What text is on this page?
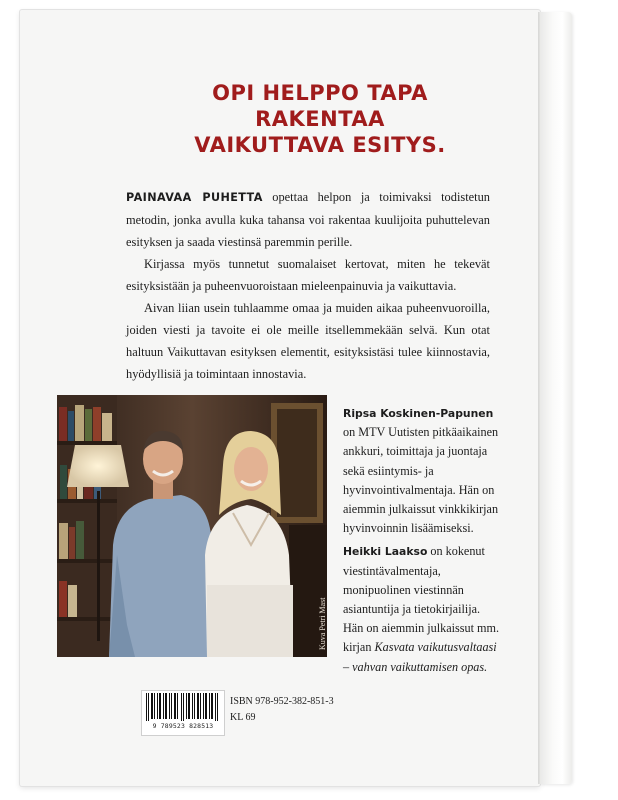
OPI HELPPO TAPA
RAKENTAA
VAIKUTTAVA ESITYS.

PAINAVAA PUHETTA opettaa helpon ja toimivaksi todistetun metodin, jonka avulla kuka tahansa voi rakentaa kuulijoita puhuttelevan esityksen ja saada viestinsä paremmin perille.

Kirjassa myös tunnetut suomalaiset kertovat, miten he tekevät esityksistään ja puheenvuoroistaan mieleenpainuvia ja vaikuttavia.

Aivan liian usein tuhlaamme omaa ja muiden aikaa puheenvuoroilla, joiden viesti ja tavoite ei ole meille itsellemmekään selvä. Kun otat haltuun Vaikuttavan esityksen elementit, esityksistäsi tulee kiinnostavia, hyödyllisiä ja toimintaan innostavia.

Kuva Petri Mast

Ripsa Koskinen-Papunen on MTV Uutisten pitkäaikainen ankkuri, toimittaja ja juontaja sekä esiintymis- ja hyvinvointivalmentaja. Hän on aiemmin julkaissut vinkkikirjan hyvinvoinnin lisäämiseksi.

Heikki Laakso on kokenut viestintävalmentaja, monipuolinen viestinnän asiantuntija ja tietokirjailija. Hän on aiemmin julkaissut mm. kirjan Kasvata vaikutusvaltaasi – vahvan vaikuttamisen opas.

9 789523 828513
ISBN 978-952-382-851-3
KL 69
